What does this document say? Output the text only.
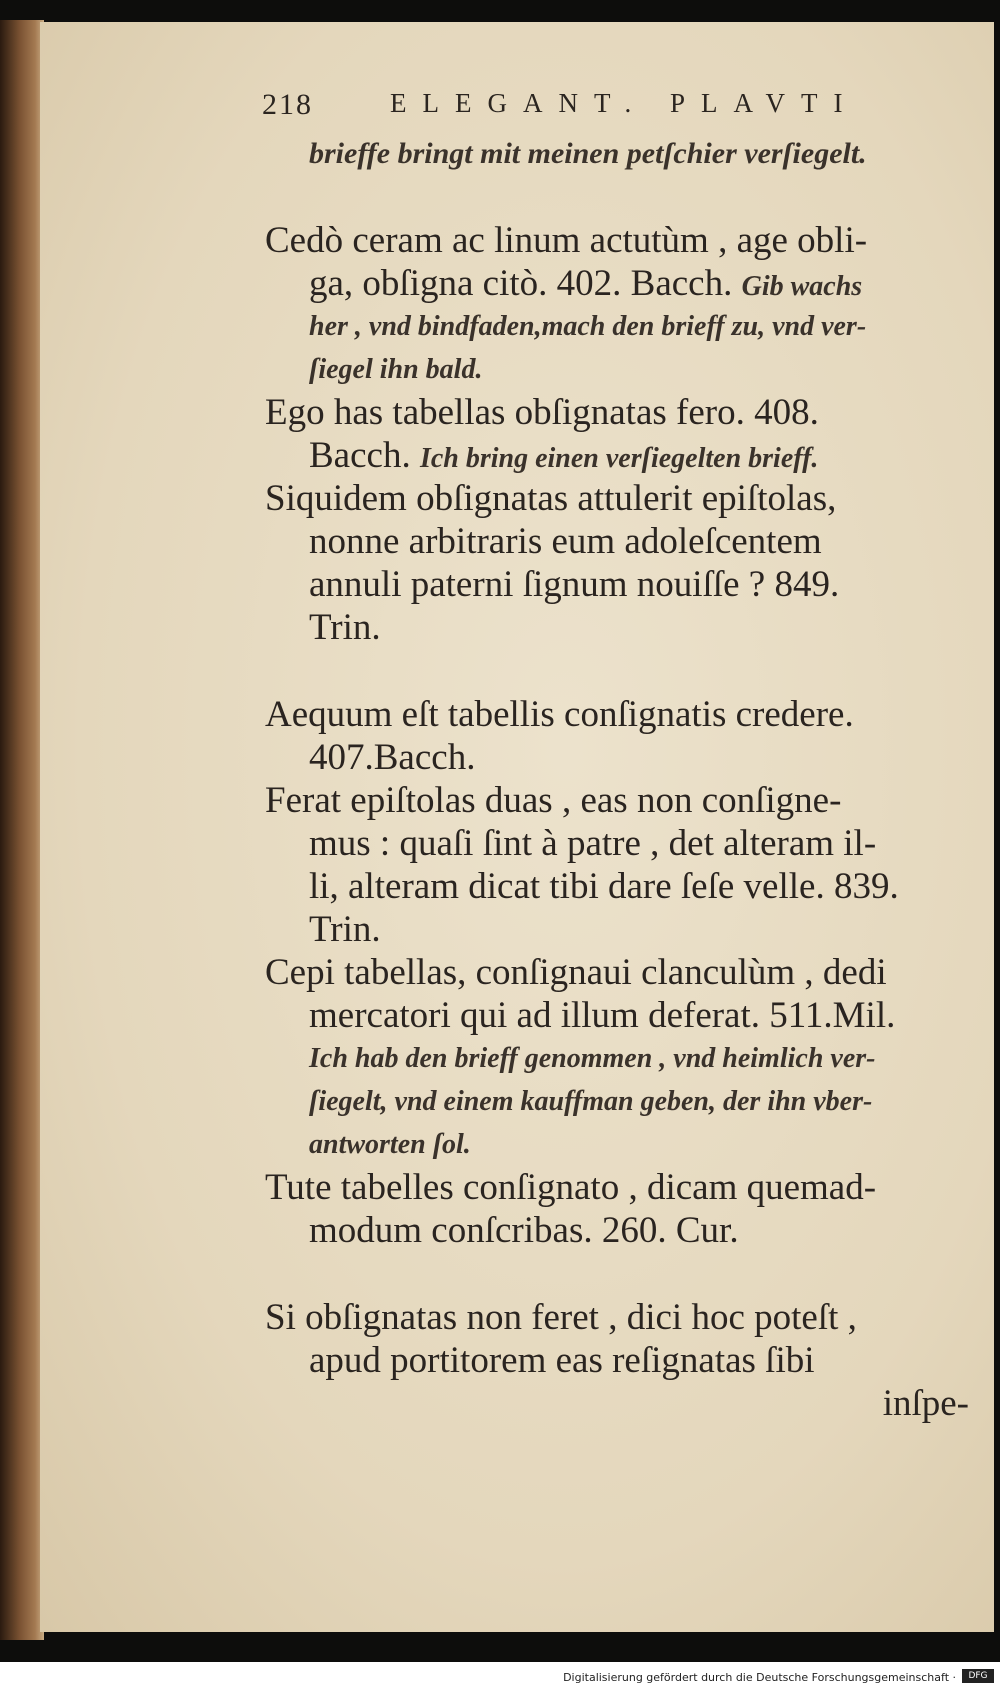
218	ELEGANT. PLAVTI
brieffe bringt mit meinen petſchier verſiegelt.
Cedò ceram ac linum actutùm , age obli-
ga, obſigna citò. 402. Bacch. Gib wachs
her , vnd bindfaden,mach den brieff zu, vnd ver-
ſiegel ihn bald.
Ego has tabellas obſignatas fero. 408.
Bacch. Ich bring einen verſiegelten brieff.
Siquidem obſignatas attulerit epiſtolas,
nonne arbitraris eum adoleſcentem
annuli paterni ſignum nouiſſe ? 849.
Trin.
Aequum eſt tabellis conſignatis credere.
407.Bacch.
Ferat epiſtolas duas , eas non conſigne-
mus : quaſi ſint à patre , det alteram il-
li, alteram dicat tibi dare ſeſe velle. 839.
Trin.
Cepi tabellas, conſignaui clanculùm , dedi
mercatori qui ad illum deferat. 511.Mil.
Ich hab den brieff genommen , vnd heimlich ver-
ſiegelt, vnd einem kauffman geben, der ihn vber-
antworten ſol.
Tute tabelles conſignato , dicam quemad-
modum conſcribas. 260. Cur.
Si obſignatas non feret , dici hoc poteſt ,
apud portitorem eas reſignatas ſibi
inſpe-
Digitalisierung gefördert durch die Deutsche Forschungsgemeinschaft ·	DFG
